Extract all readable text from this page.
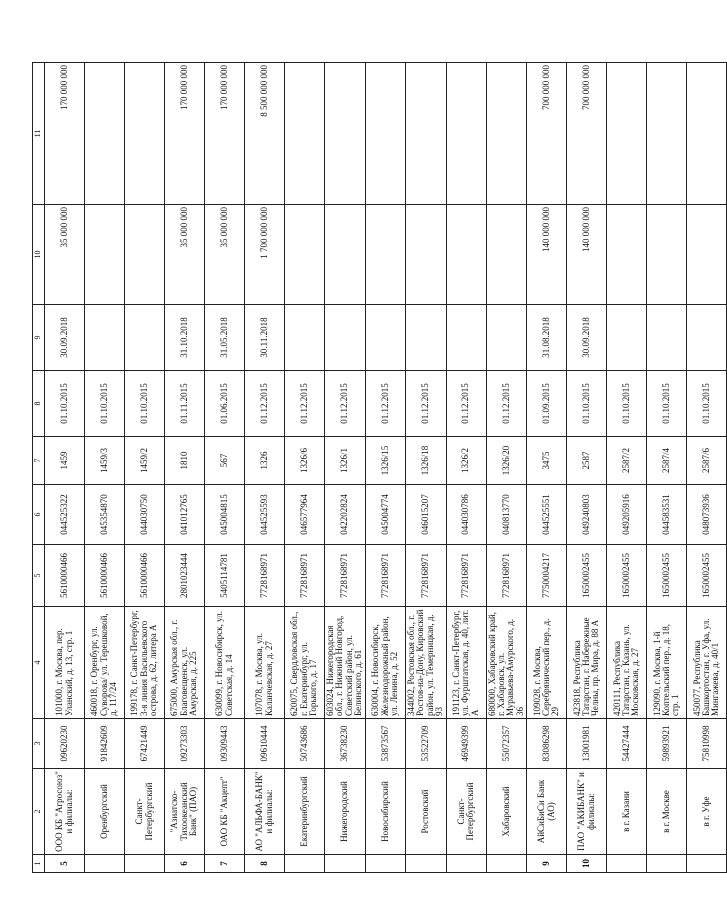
1	2	3	4	5	6	7	8	9	10	11
5	ООО КБ "Агросоюз" и филиалы:	09620230	101000, г. Москва, пер. Уланский, д. 13, стр. 1	5610000466	044525322	1459	01.10.2015	30.09.2018	35 000 000	170 000 000
	Оренбургский	91842609	460018, г. Оренбург, ул. Суворова/ ул. Терешковой, д. 117/24	5610000466	045354870	1459/3	01.10.2015			
	Санкт-Петербургский	67421449	199178, г. Санкт-Петербург, 3-я линия Васильевского острова, д. 62, литера А	5610000466	044030750	1459/2	01.10.2015			
6	"Азиатско-Тихоокеанский Банк" (ПАО)	09273303	675000, Амурская обл., г. Благовещенск, ул. Амурская, д. 225	2801023444	041012765	1810	01.11.2015	31.10.2018	35 000 000	170 000 000
7	ОАО КБ "Акцепт"	09309443	630099, г. Новосибирск, ул. Советская, д. 14	5405114781	045004815	567	01.06.2015	31.05.2018	35 000 000	170 000 000
8	АО "АЛЬФА-БАНК" и филиалы:	09610444	107078, г. Москва, ул. Каланчевская, д. 27	7728168971	044525593	1326	01.12.2015	30.11.2018	1 700 000 000	8 500 000 000
	Екатеринбургский	50743686	620075, Свердловская обл., г. Екатеринбург, ул. Горького, д. 17	7728168971	046577964	1326/6	01.12.2015			
	Нижегородский	36738230	603024, Нижегородская обл., г. Нижний Новгород, Советский район, ул. Белинского, д. 61	7728168971	042202824	1326/1	01.12.2015			
	Новосибирский	53873567	630004, г. Новосибирск, Железнодорожный район, ул. Ленина, д. 52	7728168971	045004774	1326/15	01.12.2015			
	Ростовский	53522709	344002, Ростовская обл., г. Ростов-на-Дону, Кировский район, ул. Темерницкая, д. 93	7728168971	046015207	1326/18	01.12.2015			
	Санкт-Петербургский	46949399	191123, г. Санкт-Петербург, ул. Фурштатская, д. 40, лит. А	7728168971	044030786	1326/2	01.12.2015			
	Хабаровский	55072357	680000, Хабаровский край, г. Хабаровск, ул. Муравьева-Амурского, д. 36	7728168971	040813770	1326/20	01.12.2015			
9	АйСиБиСи Банк (АО)	83086298	109028, г. Москва, Серебрянический пер., д. 29	7750004217	044525551	3475	01.09.2015	31.08.2018	140 000 000	700 000 000
10	ПАО "АКИБАНК" и филиалы:	13001981	423818, Республика Татарстан, г. Набережные Челны, пр. Мира, д. 88 А	1650002455	049240803	2587	01.10.2015	30.09.2018	140 000 000	700 000 000
	в г. Казани	54427444	420111, Республика Татарстан, г. Казань, ул. Московская, д. 27	1650002455	049205916	2587/2	01.10.2015			
	в г. Москве	59893921	129090, г. Москва, 1-й Коптельский пер., д. 18, стр. 1	1650002455	044583531	2587/4	01.10.2015			
	в г. Уфе	75810998	450077, Республика Башкортостан, г. Уфа, ул. Мингажева, д. 40/1	1650002455	048073936	2587/6	01.10.2015			
